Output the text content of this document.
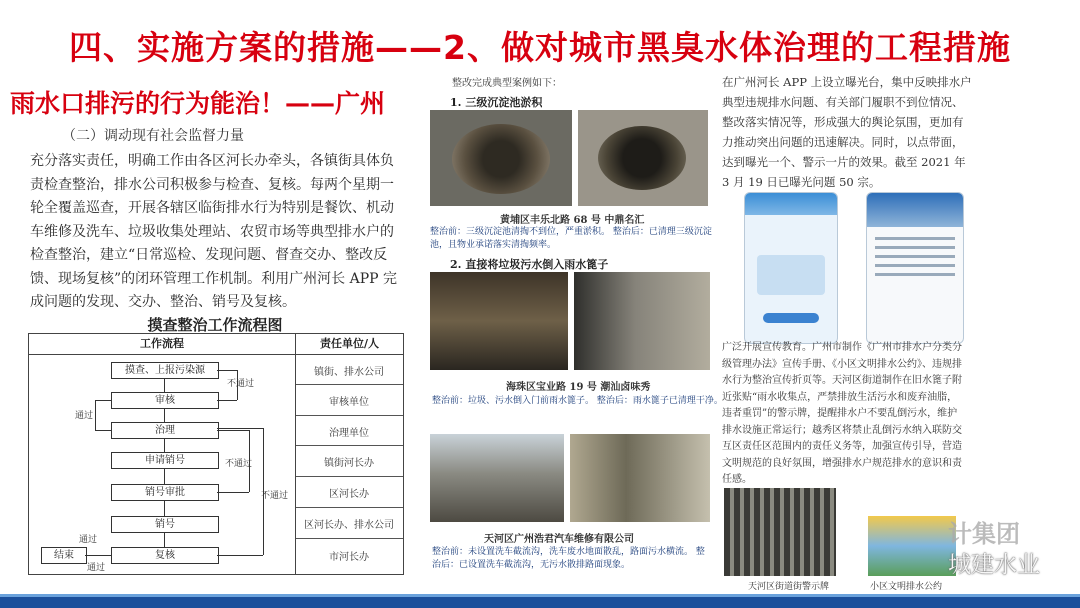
四、实施方案的措施——2、做对城市黑臭水体治理的工程措施
雨水口排污的行为能治！——广州
（二）调动现有社会监督力量
充分落实责任，明确工作由各区河长办牵头，各镇街具体负责检查整治，排水公司积极参与检查、复核。每两个星期一轮全覆盖巡查，开展各辖区临街排水行为特别是餐饮、机动车维修及洗车、垃圾收集处理站、农贸市场等典型排水户的检查整治，建立“日常巡检、发现问题、督查交办、整改反馈、现场复核”的闭环管理工作机制。利用广州河长 APP 完成问题的发现、交办、整治、销号及复核。
摸查整治工作流程图
工作流程	责任单位/人
摸查、上报污染源
审核
治理
申请销号
销号审批
销号
复核
结束
不通过
不通过
不通过
通过
通过
通过
镇街、排水公司
审核单位
治理单位
镇街河长办
区河长办
区河长办、排水公司
市河长办
整改完成典型案例如下：
1. 三级沉淀池淤积
黄埔区丰乐北路 68 号 中鼎名汇
整治前：三级沉淀池清掏不到位，严重淤积。 整治后：已清理三级沉淀池，且物业承诺落实清掏频率。
2. 直接将垃圾污水倒入雨水篦子
海珠区宝业路 19 号 潮汕卤味秀
整治前：垃圾、污水倒入门前雨水篦子。 整治后：雨水篦子已清理干净。
天河区广州浩君汽车维修有限公司
整治前：未设置洗车截流沟，洗车废水地面散乱，路面污水横流。 整治后：已设置洗车截流沟，无污水散排路面现象。
在广州河长 APP 上设立曝光台，集中反映排水户典型违规排水问题、有关部门履职不到位情况、整改落实情况等，形成强大的舆论氛围，更加有力推动突出问题的迅速解决。同时，以点带面，达到曝光一个、警示一片的效果。截至 2021 年 3 月 19 日已曝光问题 50 宗。
广泛开展宣传教育。广州市制作《广州市排水户分类分级管理办法》宣传手册、《小区文明排水公约》、违规排水行为整治宣传折页等。天河区街道制作在旧水篦子附近张贴“雨水收集点，严禁排放生活污水和废弃油脂，违者重罚”的警示牌，提醒排水户不要乱倒污水，维护排水设施正常运行；越秀区将禁止乱倒污水纳入联防交互区责任区范围内的责任义务等，加强宣传引导，营造文明规范的良好氛围，增强排水户规范排水的意识和责任感。
天河区街道街警示牌	小区文明排水公约
计集团
城建水业
